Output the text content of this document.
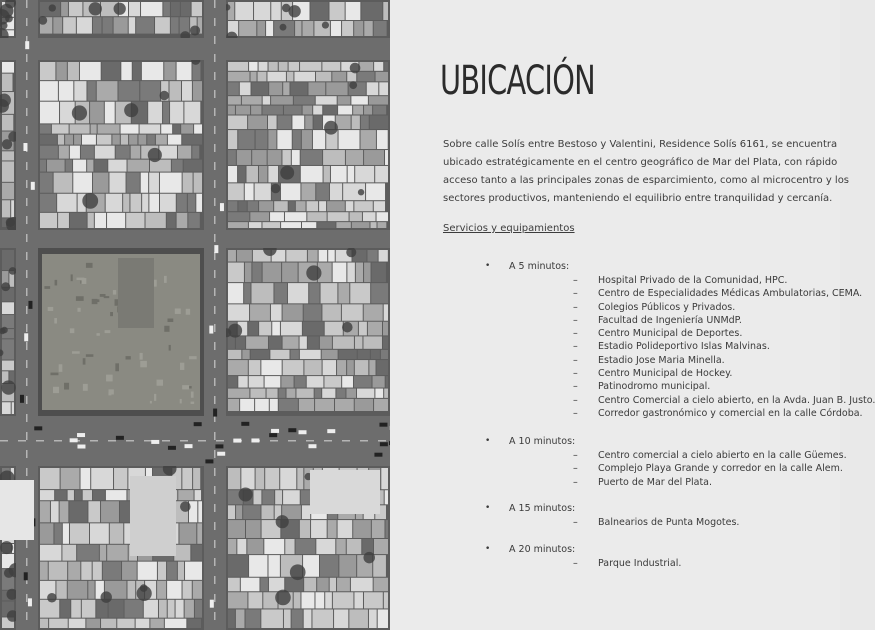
UBICACIÓN

Sobre calle Solís entre Bestoso y Valentini, Residence Solís 6161, se encuentra
ubicado estratégicamente en el centro geográfico de Mar del Plata, con rápido
acceso tanto a las principales zonas de esparcimiento, como al microcentro y los
sectores productivos, manteniendo el equilibrio entre tranquilidad y cercanía.

Servicios y equipamientos

• A 5 minutos:
– Hospital Privado de la Comunidad, HPC.
– Centro de Especialidades Médicas Ambulatorias, CEMA.
– Colegios Públicos y Privados.
– Facultad de Ingeniería UNMdP.
– Centro Municipal de Deportes.
– Estadio Polideportivo Islas Malvinas.
– Estadio Jose Maria Minella.
– Centro Municipal de Hockey.
– Patinodromo municipal.
– Centro Comercial a cielo abierto, en la Avda. Juan B. Justo.
– Corredor gastronómico y comercial en la calle Córdoba.
• A 10 minutos:
– Centro comercial a cielo abierto en la calle Güemes.
– Complejo Playa Grande y corredor en la calle Alem.
– Puerto de Mar del Plata.
• A 15 minutos:
– Balnearios de Punta Mogotes.
• A 20 minutos:
– Parque Industrial.
